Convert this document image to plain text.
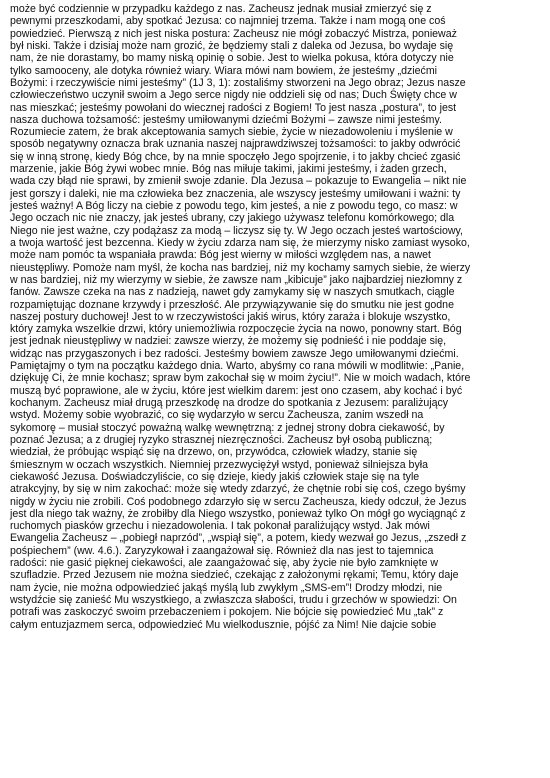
może być codziennie w przypadku każdego z nas. Zacheusz jednak musiał zmierzyć się z
pewnymi przeszkodami, aby spotkać Jezusa: co najmniej trzema. Także i nam mogą one coś
powiedzieć. Pierwszą z nich jest niska postura: Zacheusz nie mógł zobaczyć Mistrza, ponieważ
był niski. Także i dzisiaj może nam grozić, że będziemy stali z daleka od Jezusa, bo wydaje się
nam, że nie dorastamy, bo mamy niską opinię o sobie. Jest to wielka pokusa, która dotyczy nie
tylko samooceny, ale dotyka również wiary. Wiara mówi nam bowiem, że jesteśmy „dziećmi
Bożymi: i rzeczywiście nimi jesteśmy” (1J 3, 1): zostaliśmy stworzeni na Jego obraz; Jezus nasze
człowieczeństwo uczynił swoim a Jego serce nigdy nie oddzieli się od nas; Duch Święty chce w
nas mieszkać; jesteśmy powołani do wiecznej radości z Bogiem! To jest nasza „postura”, to jest
nasza duchowa tożsamość: jesteśmy umiłowanymi dziećmi Bożymi – zawsze nimi jesteśmy.
Rozumiecie zatem, że brak akceptowania samych siebie, życie w niezadowoleniu i myślenie w
sposób negatywny oznacza brak uznania naszej najprawdziwszej tożsamości: to jakby odwrócić
się w inną stronę, kiedy Bóg chce, by na mnie spoczęło Jego spojrzenie, i to jakby chcieć zgasić
marzenie, jakie Bóg żywi wobec mnie. Bóg nas miłuje takimi, jakimi jesteśmy, i żaden grzech,
wada czy błąd nie sprawi, by zmienił swoje zdanie. Dla Jezusa – pokazuje to Ewangelia – nikt nie
jest gorszy i daleki, nie ma człowieka bez znaczenia, ale wszyscy jesteśmy umiłowani i ważni: ty
jesteś ważny! A Bóg liczy na ciebie z powodu tego, kim jesteś, a nie z powodu tego, co masz: w
Jego oczach nic nie znaczy, jak jesteś ubrany, czy jakiego używasz telefonu komórkowego; dla
Niego nie jest ważne, czy podążasz za modą – liczysz się ty. W Jego oczach jesteś wartościowy,
a twoja wartość jest bezcenna. Kiedy w życiu zdarza nam się, że mierzymy nisko zamiast wysoko,
może nam pomóc ta wspaniała prawda: Bóg jest wierny w miłości względem nas, a nawet
nieustępliwy. Pomoże nam myśl, że kocha nas bardziej, niż my kochamy samych siebie, że wierzy
w nas bardziej, niż my wierzymy w siebie, że zawsze nam „kibicuje” jako najbardziej niezłomny z
fanów. Zawsze czeka na nas z nadzieją, nawet gdy zamykamy się w naszych smutkach, ciągle
rozpamiętując doznane krzywdy i przeszłość. Ale przywiązywanie się do smutku nie jest godne
naszej postury duchowej! Jest to w rzeczywistości jakiś wirus, który zaraża i blokuje wszystko,
który zamyka wszelkie drzwi, który uniemożliwia rozpoczęcie życia na nowo, ponowny start. Bóg
jest jednak nieustępliwy w nadziei: zawsze wierzy, że możemy się podnieść i nie poddaje się,
widząc nas przygaszonych i bez radości. Jesteśmy bowiem zawsze Jego umiłowanymi dziećmi.
Pamiętajmy o tym na początku każdego dnia. Warto, abyśmy co rana mówili w modlitwie: „Panie,
dziękuję Ci, że mnie kochasz; spraw bym zakochał się w moim życiu!”. Nie w moich wadach, które
muszą być poprawione, ale w życiu, które jest wielkim darem: jest ono czasem, aby kochać i być
kochanym. Zacheusz miał drugą przeszkodę na drodze do spotkania z Jezusem: paraliżujący
wstyd. Możemy sobie wyobrazić, co się wydarzyło w sercu Zacheusza, zanim wszedł na
sykomorę – musiał stoczyć poważną walkę wewnętrzną: z jednej strony dobra ciekawość, by
poznać Jezusa; a z drugiej ryzyko strasznej niezręczności. Zacheusz był osobą publiczną;
wiedział, że próbując wspiąć się na drzewo, on, przywódca, człowiek władzy, stanie się
śmiesznym w oczach wszystkich. Niemniej przezwyciężył wstyd, ponieważ silniejsza była
ciekawość Jezusa. Doświadczyliście, co się dzieje, kiedy jakiś człowiek staje się na tyle
atrakcyjny, by się w nim zakochać: może się wtedy zdarzyć, że chętnie robi się coś, czego byśmy
nigdy w życiu nie zrobili. Coś podobnego zdarzyło się w sercu Zacheusza, kiedy odczuł, że Jezus
jest dla niego tak ważny, że zrobiłby dla Niego wszystko, ponieważ tylko On mógł go wyciągnąć z
ruchomych piasków grzechu i niezadowolenia. I tak pokonał paraliżujący wstyd. Jak mówi
Ewangelia Zacheusz – „pobiegł naprzód”, „wspiął się”, a potem, kiedy wezwał go Jezus, „zszedł z
pośpiechem” (ww. 4.6.). Zaryzykował i zaangażował się. Również dla nas jest to tajemnica
radości: nie gasić pięknej ciekawości, ale zaangażować się, aby życie nie było zamknięte w
szufladzie. Przed Jezusem nie można siedzieć, czekając z założonymi rękami; Temu, który daje
nam życie, nie można odpowiedzieć jakąś myślą lub zwykłym „SMS-em”! Drodzy młodzi, nie
wstydźcie się zanieść Mu wszystkiego, a zwłaszcza słabości, trudu i grzechów w spowiedzi: On
potrafi was zaskoczyć swoim przebaczeniem i pokojem. Nie bójcie się powiedzieć Mu „tak” z
całym entuzjazmem serca, odpowiedzieć Mu wielkodusznie, pójść za Nim! Nie dajcie sobie
